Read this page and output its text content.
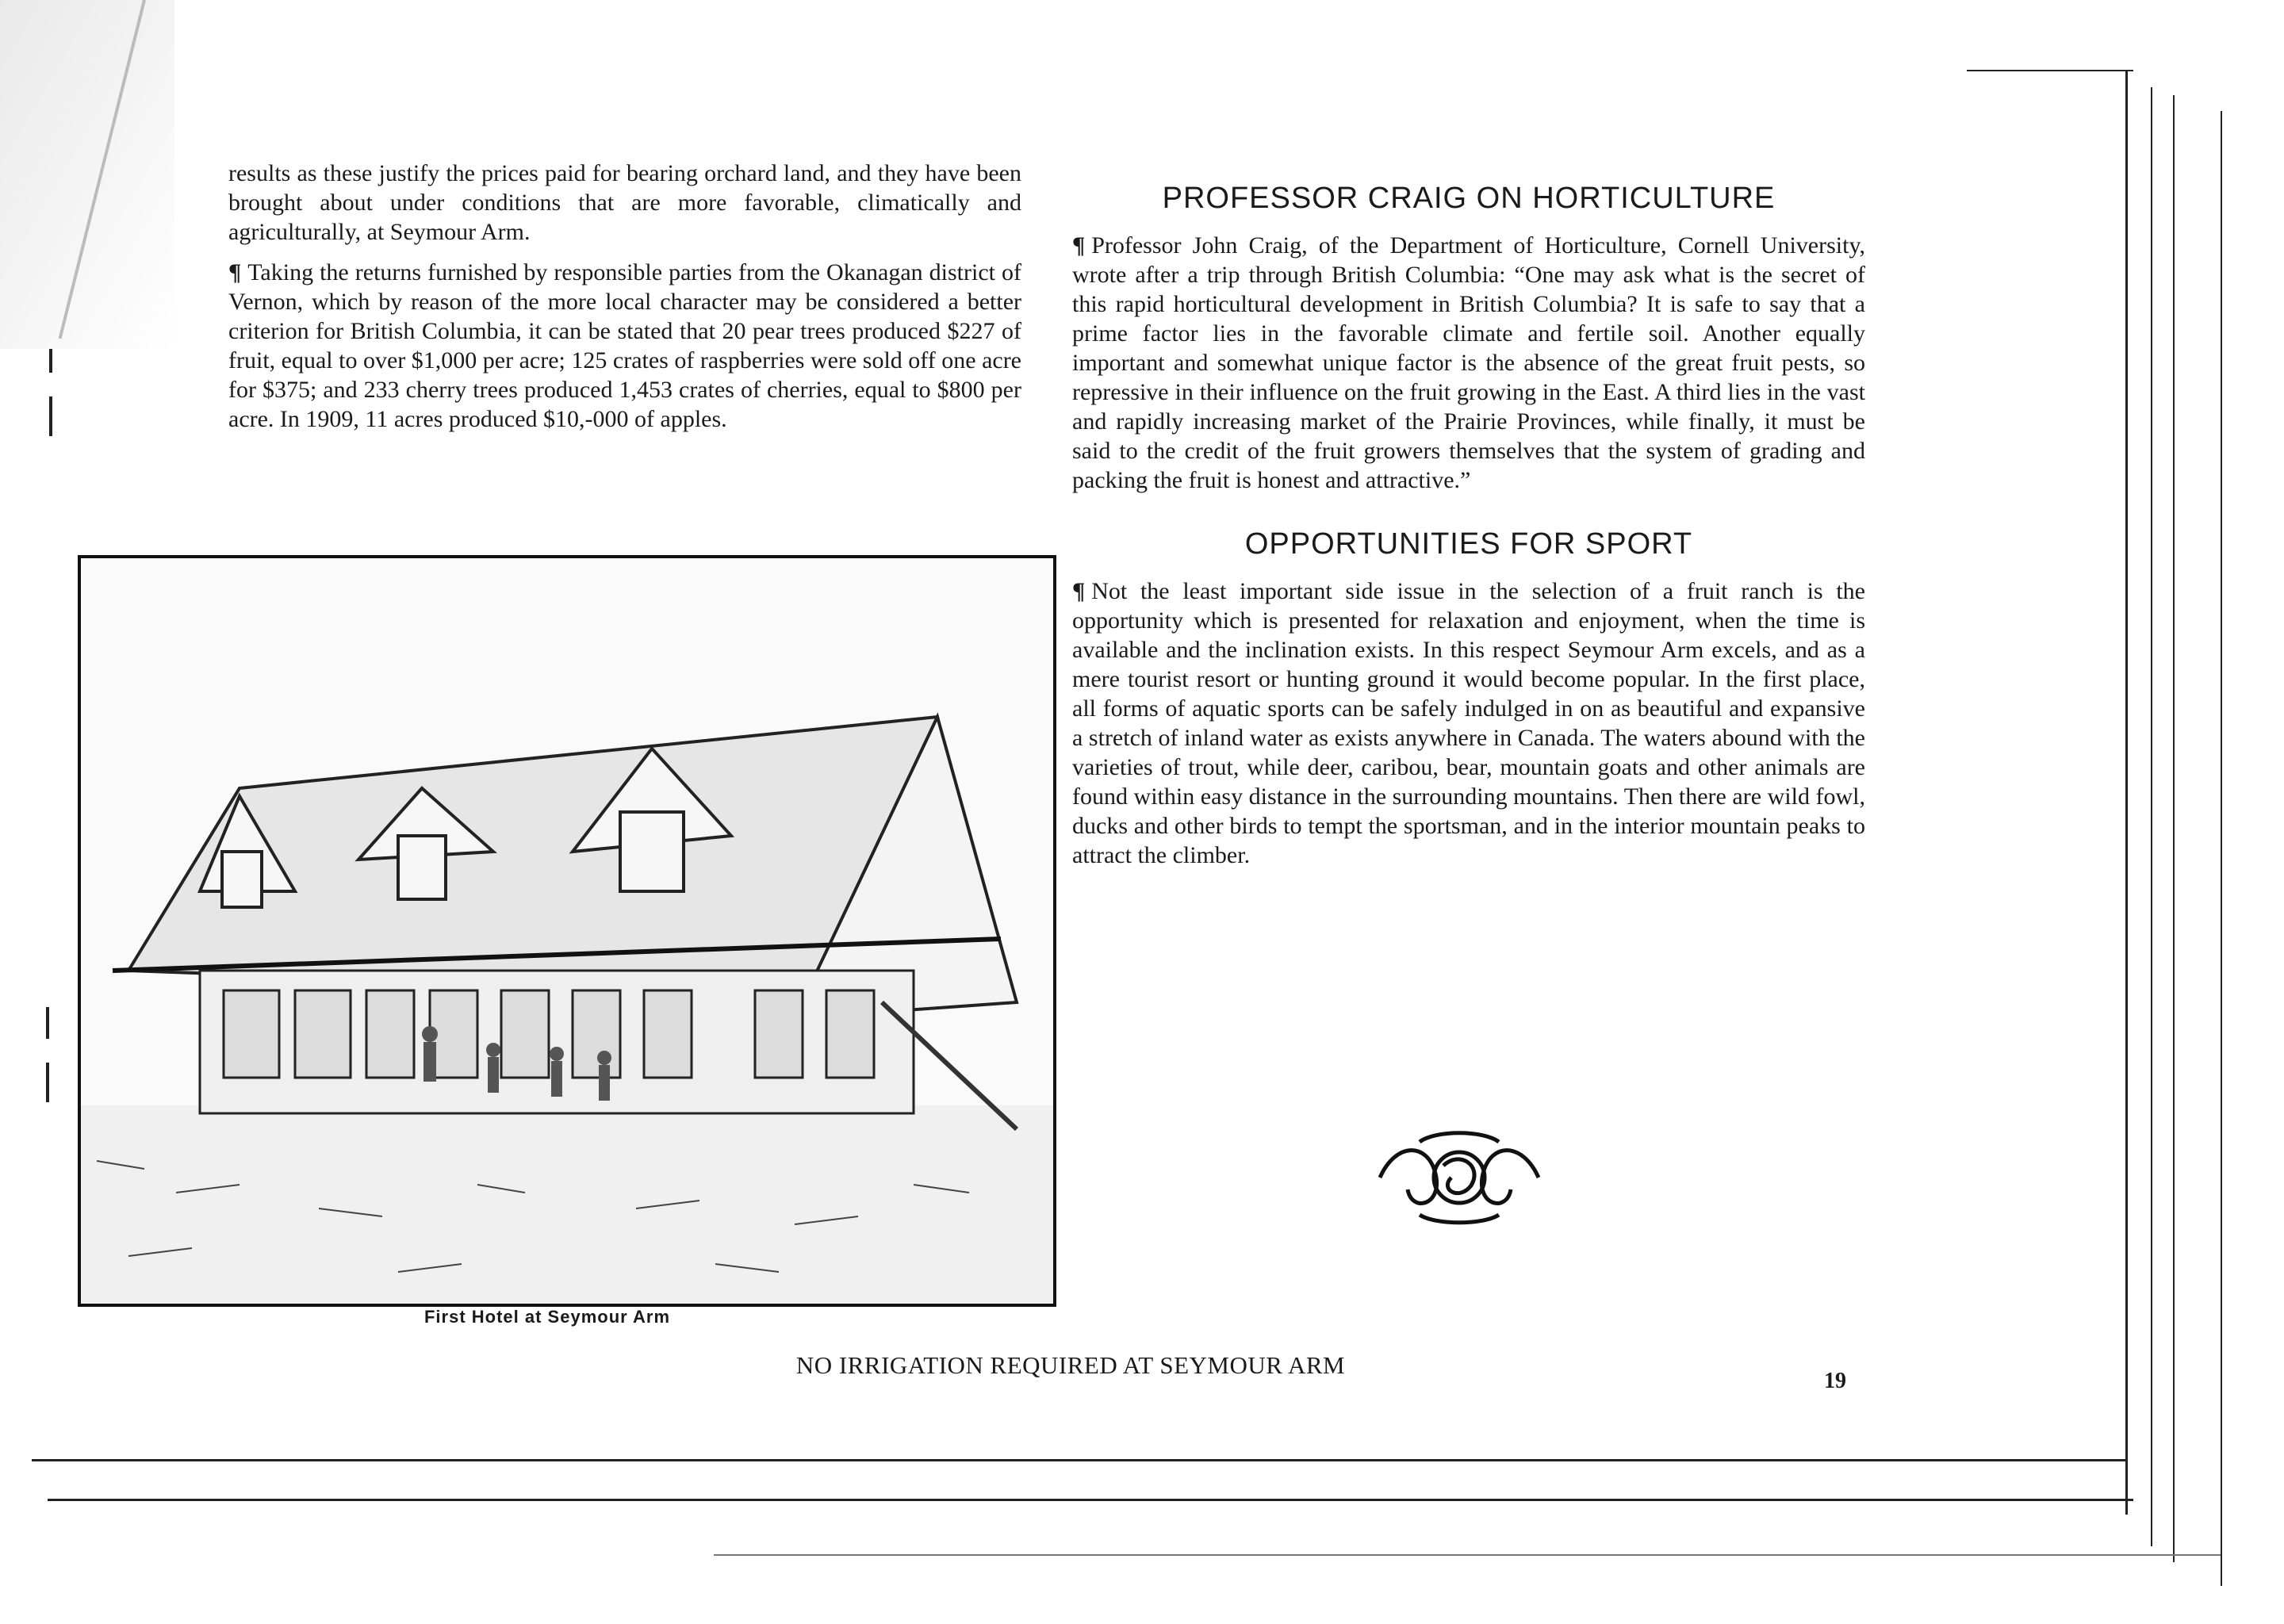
results as these justify the prices paid for bearing orchard land, and they have been brought about under conditions that are more favorable, climatically and agriculturally, at Seymour Arm.

¶ Taking the returns furnished by responsible parties from the Okanagan district of Vernon, which by reason of the more local character may be considered a better criterion for British Columbia, it can be stated that 20 pear trees produced $227 of fruit, equal to over $1,000 per acre; 125 crates of raspberries were sold off one acre for $375; and 233 cherry trees produced 1,453 crates of cherries, equal to $800 per acre. In 1909, 11 acres produced $10,-000 of apples.

First Hotel at Seymour Arm
PROFESSOR CRAIG ON HORTICULTURE

¶ Professor John Craig, of the Department of Horticulture, Cornell University, wrote after a trip through British Columbia: “One may ask what is the secret of this rapid horticultural development in British Columbia? It is safe to say that a prime factor lies in the favorable climate and fertile soil. Another equally important and somewhat unique factor is the absence of the great fruit pests, so repressive in their influence on the fruit growing in the East. A third lies in the vast and rapidly increasing market of the Prairie Provinces, while finally, it must be said to the credit of the fruit growers themselves that the system of grading and packing the fruit is honest and attractive.”

OPPORTUNITIES FOR SPORT

¶ Not the least important side issue in the selection of a fruit ranch is the opportunity which is presented for relaxation and enjoyment, when the time is available and the inclination exists. In this respect Seymour Arm excels, and as a mere tourist resort or hunting ground it would become popular. In the first place, all forms of aquatic sports can be safely indulged in on as beautiful and expansive a stretch of inland water as exists anywhere in Canada. The waters abound with the varieties of trout, while deer, caribou, bear, mountain goats and other animals are found within easy distance in the surrounding mountains. Then there are wild fowl, ducks and other birds to tempt the sportsman, and in the interior mountain peaks to attract the climber.

NO IRRIGATION REQUIRED AT SEYMOUR ARM
19
